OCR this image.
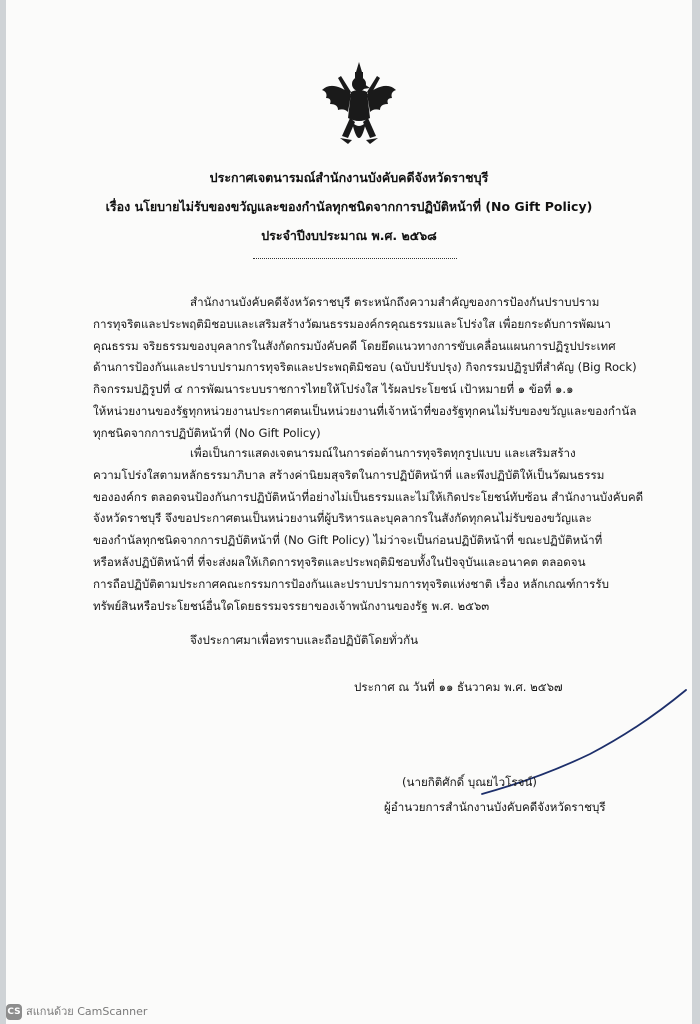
ประกาศเจตนารมณ์สำนักงานบังคับคดีจังหวัดราชบุรี
เรื่อง นโยบายไม่รับของขวัญและของกำนัลทุกชนิดจากการปฏิบัติหน้าที่ (No Gift Policy)
ประจำปีงบประมาณ พ.ศ. ๒๕๖๘
สำนักงานบังคับคดีจังหวัดราชบุรี ตระหนักถึงความสำคัญของการป้องกันปราบปราม
การทุจริตและประพฤติมิชอบและเสริมสร้างวัฒนธรรมองค์กรคุณธรรมและโปร่งใส เพื่อยกระดับการพัฒนา
คุณธรรม จริยธรรมของบุคลากรในสังกัดกรมบังคับคดี โดยยึดแนวทางการขับเคลื่อนแผนการปฏิรูปประเทศ
ด้านการป้องกันและปราบปรามการทุจริตและประพฤติมิชอบ (ฉบับปรับปรุง) กิจกรรมปฏิรูปที่สำคัญ (Big Rock)
กิจกรรมปฏิรูปที่ ๔ การพัฒนาระบบราชการไทยให้โปร่งใส ไร้ผลประโยชน์ เป้าหมายที่ ๑ ข้อที่ ๑.๑
ให้หน่วยงานของรัฐทุกหน่วยงานประกาศตนเป็นหน่วยงานที่เจ้าหน้าที่ของรัฐทุกคนไม่รับของขวัญและของกำนัล
ทุกชนิดจากการปฏิบัติหน้าที่ (No Gift Policy)
เพื่อเป็นการแสดงเจตนารมณ์ในการต่อต้านการทุจริตทุกรูปแบบ และเสริมสร้าง
ความโปร่งใสตามหลักธรรมาภิบาล สร้างค่านิยมสุจริตในการปฏิบัติหน้าที่ และพึงปฏิบัติให้เป็นวัฒนธรรม
ขององค์กร ตลอดจนป้องกันการปฏิบัติหน้าที่อย่างไม่เป็นธรรมและไม่ให้เกิดประโยชน์ทับซ้อน สำนักงานบังคับคดี
จังหวัดราชบุรี จึงขอประกาศตนเป็นหน่วยงานที่ผู้บริหารและบุคลากรในสังกัดทุกคนไม่รับของขวัญและ
ของกำนัลทุกชนิดจากการปฏิบัติหน้าที่ (No Gift Policy) ไม่ว่าจะเป็นก่อนปฏิบัติหน้าที่ ขณะปฏิบัติหน้าที่
หรือหลังปฏิบัติหน้าที่ ที่จะส่งผลให้เกิดการทุจริตและประพฤติมิชอบทั้งในปัจจุบันและอนาคต ตลอดจน
การถือปฏิบัติตามประกาศคณะกรรมการป้องกันและปราบปรามการทุจริตแห่งชาติ เรื่อง หลักเกณฑ์การรับ
ทรัพย์สินหรือประโยชน์อื่นใดโดยธรรมจรรยาของเจ้าพนักงานของรัฐ พ.ศ. ๒๕๖๓
จึงประกาศมาเพื่อทราบและถือปฏิบัติโดยทั่วกัน
ประกาศ ณ วันที่ ๑๑ ธันวาคม พ.ศ. ๒๕๖๗
(นายกิติศักดิ์ บุณยไวโรจน์)
ผู้อำนวยการสำนักงานบังคับคดีจังหวัดราชบุรี
CS สแกนด้วย CamScanner
